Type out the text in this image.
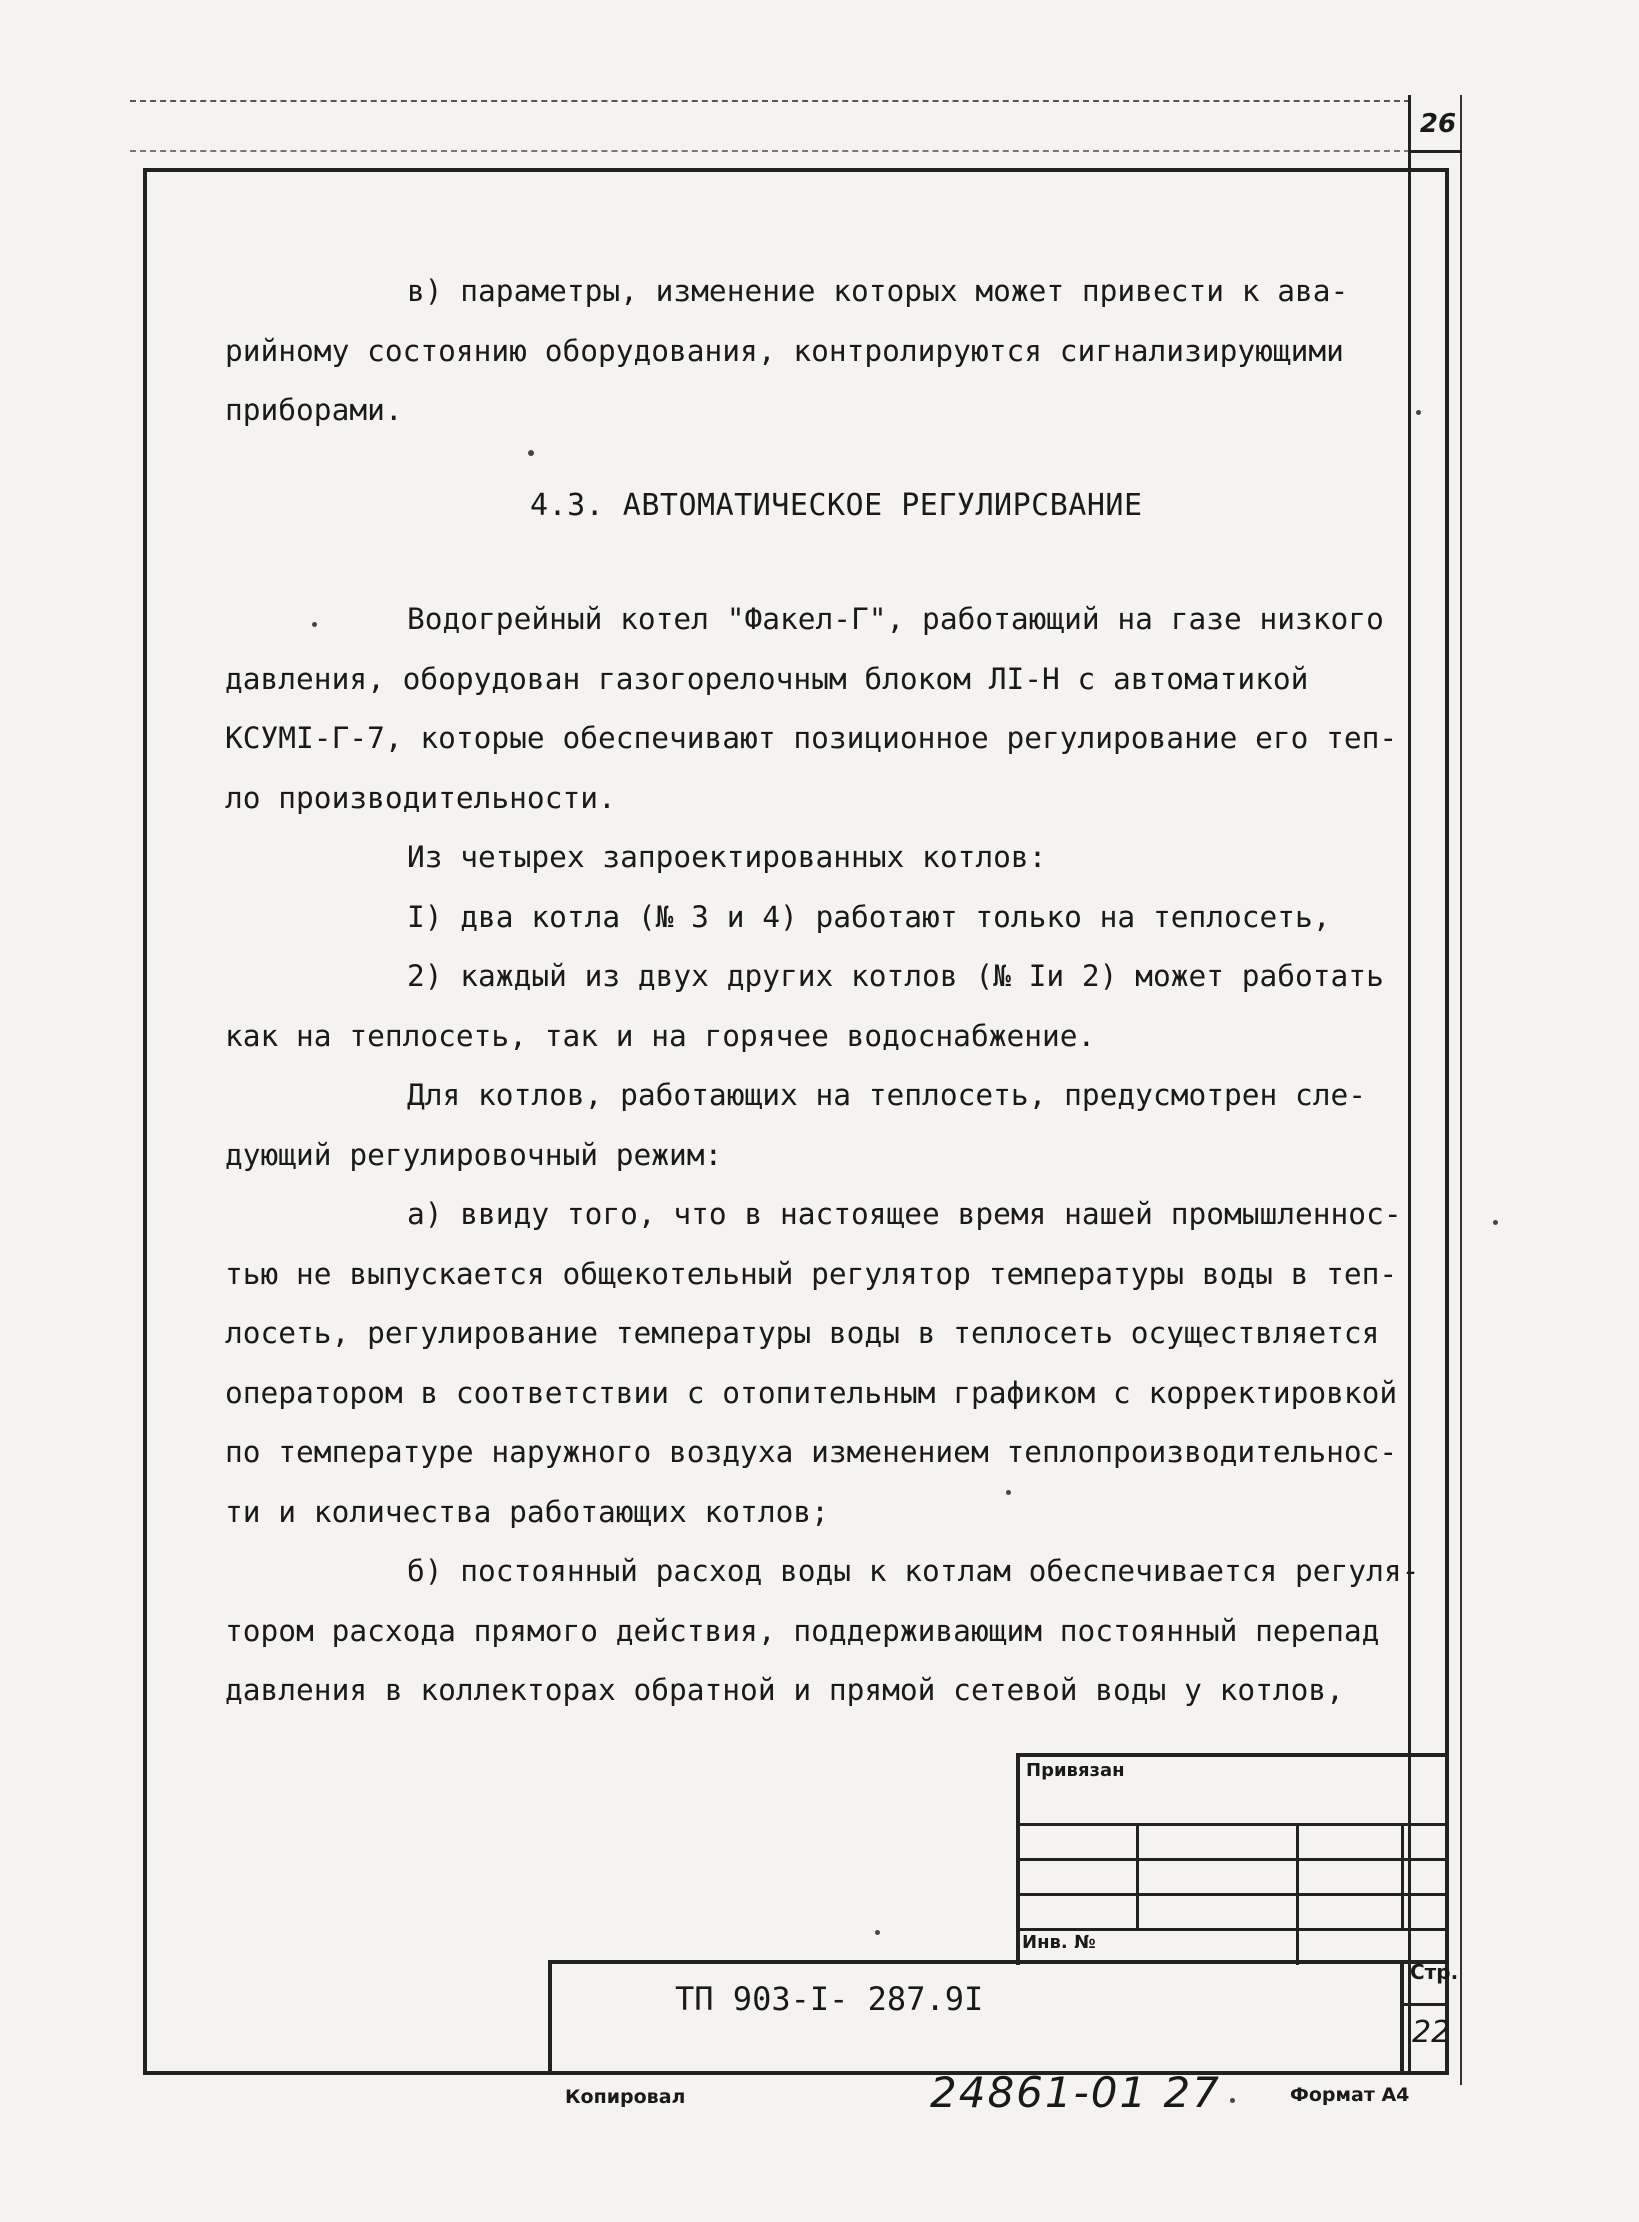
26
в) параметры, изменение которых может привести к ава-
рийному состоянию оборудования, контролируются сигнализирующими
приборами.
4.3. АВТОМАТИЧЕСКОЕ РЕГУЛИРСВАНИЕ
Водогрейный котел "Факел-Г", работающий на газе низкого
давления, оборудован газогорелочным блоком ЛI-Н с автоматикой
КСУМI-Г-7, которые обеспечивают позиционное регулирование его теп-
ло производительности.
Из четырех запроектированных котлов:
I) два котла (№ 3 и 4) работают только на теплосеть,
2) каждый из двух других котлов (№ Iи 2) может работать
как на теплосеть, так и на горячее водоснабжение.
Для котлов, работающих на теплосеть, предусмотрен сле-
дующий регулировочный режим:
а) ввиду того, что в настоящее время нашей промышленнос-
тью не выпускается общекотельный регулятор температуры воды в теп-
лосеть, регулирование температуры воды в теплосеть осуществляется
оператором в соответствии с отопительным графиком с корректировкой
по температуре наружного воздуха изменением теплопроизводительнос-
ти и количества работающих котлов;
б) постоянный расход воды к котлам обеспечивается регуля-
тором расхода прямого действия, поддерживающим постоянный перепад
давления в коллекторах обратной и прямой сетевой воды у котлов,
Привязан
Инв. №
ТП 903-I- 287.9I
Стр.
22
Копировал	24861-01 27	Формат А4
